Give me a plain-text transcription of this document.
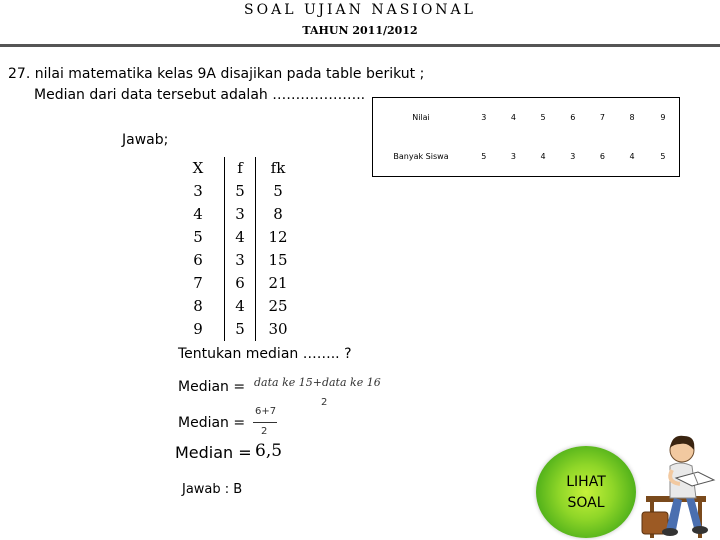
SOAL UJIAN NASIONAL
TAHUN 2011/2012
27. nilai matematika kelas 9A disajikan pada table berikut ;
Median dari data tersebut adalah ………………..
Nilai	3	4	5	6	7	8	9
Banyak Siswa	5	3	4	3	6	4	5
Jawab;
X	f	fk
3	5	5
4	3	8
5	4	12
6	3	15
7	6	21
8	4	25
9	5	30
Tentukan median …….. ?
Median = data ke 15+data ke 16
2
Median =
6+7
2
Median = 6,5
Jawab : B	LIHAT
SOAL
